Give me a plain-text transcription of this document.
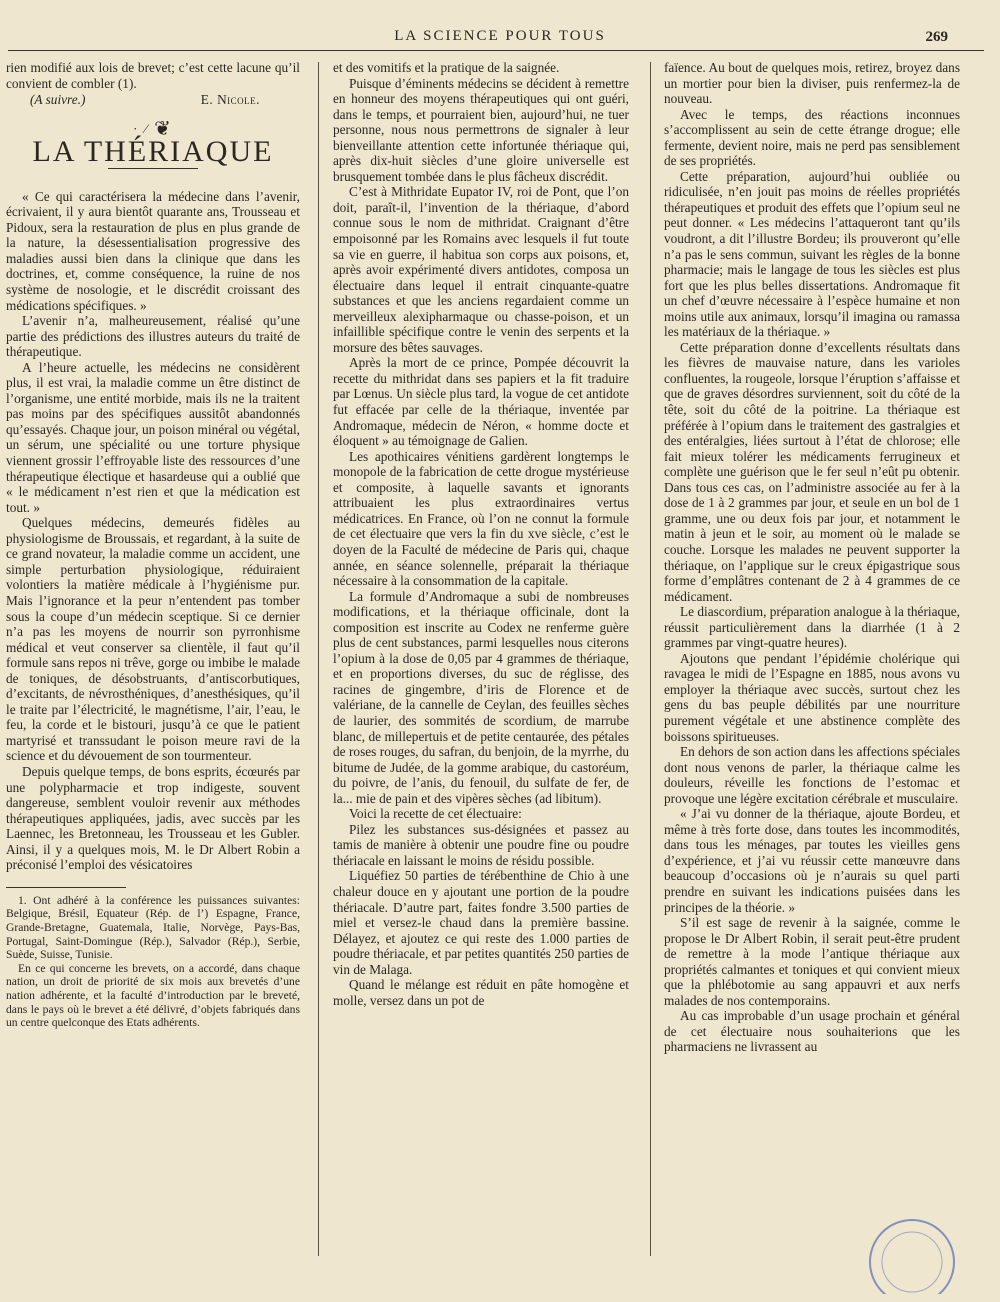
LA SCIENCE POUR TOUS	269

rien modifié aux lois de brevet; c’est cette lacune qu’il convient de combler (1).

(A suivre.)	E. Nicole.
· ⁄ ❦
LA THÉRIAQUE

« Ce qui caractérisera la médecine dans l’avenir, écrivaient, il y aura bientôt quarante ans, Trousseau et Pidoux, sera la restauration de plus en plus grande de la nature, la désessentialisation progressive des maladies aussi bien dans la clinique que dans les doctrines, et, comme conséquence, la ruine de nos système de nosologie, et le discrédit croissant des médications spécifiques. »

L’avenir n’a, malheureusement, réalisé qu’une partie des prédictions des illustres auteurs du traité de thérapeutique.

A l’heure actuelle, les médecins ne considèrent plus, il est vrai, la maladie comme un être distinct de l’organisme, une entité morbide, mais ils ne la traitent pas moins par des spécifiques aussitôt abandonnés qu’essayés. Chaque jour, un poison minéral ou végétal, un sérum, une spécialité ou une torture physique viennent grossir l’effroyable liste des ressources d’une thérapeutique électique et hasardeuse qui a oublié que « le médicament n’est rien et que la médication est tout. »

Quelques médecins, demeurés fidèles au physiologisme de Broussais, et regardant, à la suite de ce grand novateur, la maladie comme un accident, une simple perturbation physiologique, réduiraient volontiers la matière médicale à l’hygiénisme pur. Mais l’ignorance et la peur n’entendent pas tomber sous la coupe d’un médecin sceptique. Si ce dernier n’a pas les moyens de nourrir son pyrronhisme médical et veut conserver sa clientèle, il faut qu’il formule sans repos ni trêve, gorge ou imbibe le malade de toniques, de désobstruants, d’antiscorbutiques, d’excitants, de névrosthéniques, d’anesthésiques, qu’il le traite par l’électricité, le magnétisme, l’air, l’eau, le feu, la corde et le bistouri, jusqu’à ce que le patient martyrisé et transsudant le poison meure ravi de la science et du dévouement de son tourmenteur.

Depuis quelque temps, de bons esprits, écœurés par une polypharmacie et trop indigeste, souvent dangereuse, semblent vouloir revenir aux méthodes thérapeutiques appliquées, jadis, avec succès par les Laennec, les Bretonneau, les Trousseau et les Gubler. Ainsi, il y a quelques mois, M. le Dr Albert Robin a préconisé l’emploi des vésicatoires

1. Ont adhéré à la conférence les puissances suivantes: Belgique, Brésil, Equateur (Rép. de l’) Espagne, France, Grande-Bretagne, Guatemala, Italie, Norvège, Pays-Bas, Portugal, Saint-Domingue (Rép.), Salvador (Rép.), Serbie, Suède, Suisse, Tunisie.

En ce qui concerne les brevets, on a accordé, dans chaque nation, un droit de priorité de six mois aux brevetés d’une nation adhérente, et la faculté d’introduction par le breveté, dans le pays où le brevet a été délivré, d’objets fabriqués dans un centre quelconque des Etats adhérents.

et des vomitifs et la pratique de la saignée.

Puisque d’éminents médecins se décident à remettre en honneur des moyens thérapeutiques qui ont guéri, dans le temps, et pourraient bien, aujourd’hui, ne tuer personne, nous nous permettrons de signaler à leur bienveillante attention cette infortunée thériaque qui, après dix-huit siècles d’une gloire universelle est brusquement tombée dans le plus fâcheux discrédit.

C’est à Mithridate Eupator IV, roi de Pont, que l’on doit, paraît-il, l’invention de la thériaque, d’abord connue sous le nom de mithridat. Craignant d’être empoisonné par les Romains avec lesquels il fut toute sa vie en guerre, il habitua son corps aux poisons, et, après avoir expérimenté divers antidotes, composa un électuaire dans lequel il entrait cinquante-quatre substances et que les anciens regardaient comme un merveilleux alexipharmaque ou chasse-poison, et un infaillible spécifique contre le venin des serpents et la morsure des bêtes sauvages.

Après la mort de ce prince, Pompée découvrit la recette du mithridat dans ses papiers et la fit traduire par Lœnus. Un siècle plus tard, la vogue de cet antidote fut effacée par celle de la thériaque, inventée par Andromaque, médecin de Néron, « homme docte et éloquent » au témoignage de Galien.

Les apothicaires vénitiens gardèrent longtemps le monopole de la fabrication de cette drogue mystérieuse et composite, à laquelle savants et ignorants attribuaient les plus extraordinaires vertus médicatrices. En France, où l’on ne connut la formule de cet électuaire que vers la fin du xve siècle, c’est le doyen de la Faculté de médecine de Paris qui, chaque année, en séance solennelle, préparait la thériaque nécessaire à la consommation de la capitale.

La formule d’Andromaque a subi de nombreuses modifications, et la thériaque officinale, dont la composition est inscrite au Codex ne renferme guère plus de cent substances, parmi lesquelles nous citerons l’opium à la dose de 0,05 par 4 grammes de thériaque, et en proportions diverses, du suc de réglisse, des racines de gingembre, d’iris de Florence et de valériane, de la cannelle de Ceylan, des feuilles sèches de laurier, des sommités de scordium, de marrube blanc, de millepertuis et de petite centaurée, des pétales de roses rouges, du safran, du benjoin, de la myrrhe, du bitume de Judée, de la gomme arabique, du castoréum, du poivre, de l’anis, du fenouil, du sulfate de fer, de la... mie de pain et des vipères sèches (ad libitum).

Voici la recette de cet électuaire:

Pilez les substances sus-désignées et passez au tamis de manière à obtenir une poudre fine ou poudre thériacale en laissant le moins de résidu possible.

Liquéfiez 50 parties de térébenthine de Chio à une chaleur douce en y ajoutant une portion de la poudre thériacale. D’autre part, faites fondre 3.500 parties de miel et versez-le chaud dans la première bassine. Délayez, et ajoutez ce qui reste des 1.000 parties de poudre thériacale, et par petites quantités 250 parties de vin de Malaga.

Quand le mélange est réduit en pâte homogène et molle, versez dans un pot de

faïence. Au bout de quelques mois, retirez, broyez dans un mortier pour bien la diviser, puis renfermez-la de nouveau.

Avec le temps, des réactions inconnues s’accomplissent au sein de cette étrange drogue; elle fermente, devient noire, mais ne perd pas sensiblement de ses propriétés.

Cette préparation, aujourd’hui oubliée ou ridiculisée, n’en jouit pas moins de réelles propriétés thérapeutiques et produit des effets que l’opium seul ne peut donner. « Les médecins l’attaqueront tant qu’ils voudront, a dit l’illustre Bordeu; ils prouveront qu’elle n’a pas le sens commun, suivant les règles de la bonne pharmacie; mais le langage de tous les siècles est plus fort que les plus belles dissertations. Andromaque fit un chef d’œuvre nécessaire à l’espèce humaine et non moins utile aux animaux, lorsqu’il imagina ou ramassa les matériaux de la thériaque. »

Cette préparation donne d’excellents résultats dans les fièvres de mauvaise nature, dans les varioles confluentes, la rougeole, lorsque l’éruption s’affaisse et que de graves désordres surviennent, soit du côté de la tête, soit du côté de la poitrine. La thériaque est préférée à l’opium dans le traitement des gastralgies et des entéralgies, liées surtout à l’état de chlorose; elle fait mieux tolérer les médicaments ferrugineux et complète une guérison que le fer seul n’eût pu obtenir. Dans tous ces cas, on l’administre associée au fer à la dose de 1 à 2 grammes par jour, et seule en un bol de 1 gramme, une ou deux fois par jour, et notamment le matin à jeun et le soir, au moment où le malade se couche. Lorsque les malades ne peuvent supporter la thériaque, on l’applique sur le creux épigastrique sous forme d’emplâtres contenant de 2 à 4 grammes de ce médicament.

Le diascordium, préparation analogue à la thériaque, réussit particulièrement dans la diarrhée (1 à 2 grammes par vingt-quatre heures).

Ajoutons que pendant l’épidémie cholérique qui ravagea le midi de l’Espagne en 1885, nous avons vu employer la thériaque avec succès, surtout chez les gens du bas peuple débilités par une nourriture purement végétale et une abstinence complète des boissons spiritueuses.

En dehors de son action dans les affections spéciales dont nous venons de parler, la thériaque calme les douleurs, réveille les fonctions de l’estomac et provoque une légère excitation cérébrale et musculaire.

« J’ai vu donner de la thériaque, ajoute Bordeu, et même à très forte dose, dans toutes les incommodités, dans tous les ménages, par toutes les vieilles gens d’expérience, et j’ai vu réussir cette manœuvre dans beaucoup d’occasions où je n’aurais su quel parti prendre en suivant les indications puisées dans les principes de la théorie. »

S’il est sage de revenir à la saignée, comme le propose le Dr Albert Robin, il serait peut-être prudent de remettre à la mode l’antique thériaque aux propriétés calmantes et toniques et qui convient mieux que la phlébotomie au sang appauvri et aux nerfs malades de nos contemporains.

Au cas improbable d’un usage prochain et général de cet électuaire nous souhaiterions que les pharmaciens ne livrassent au
